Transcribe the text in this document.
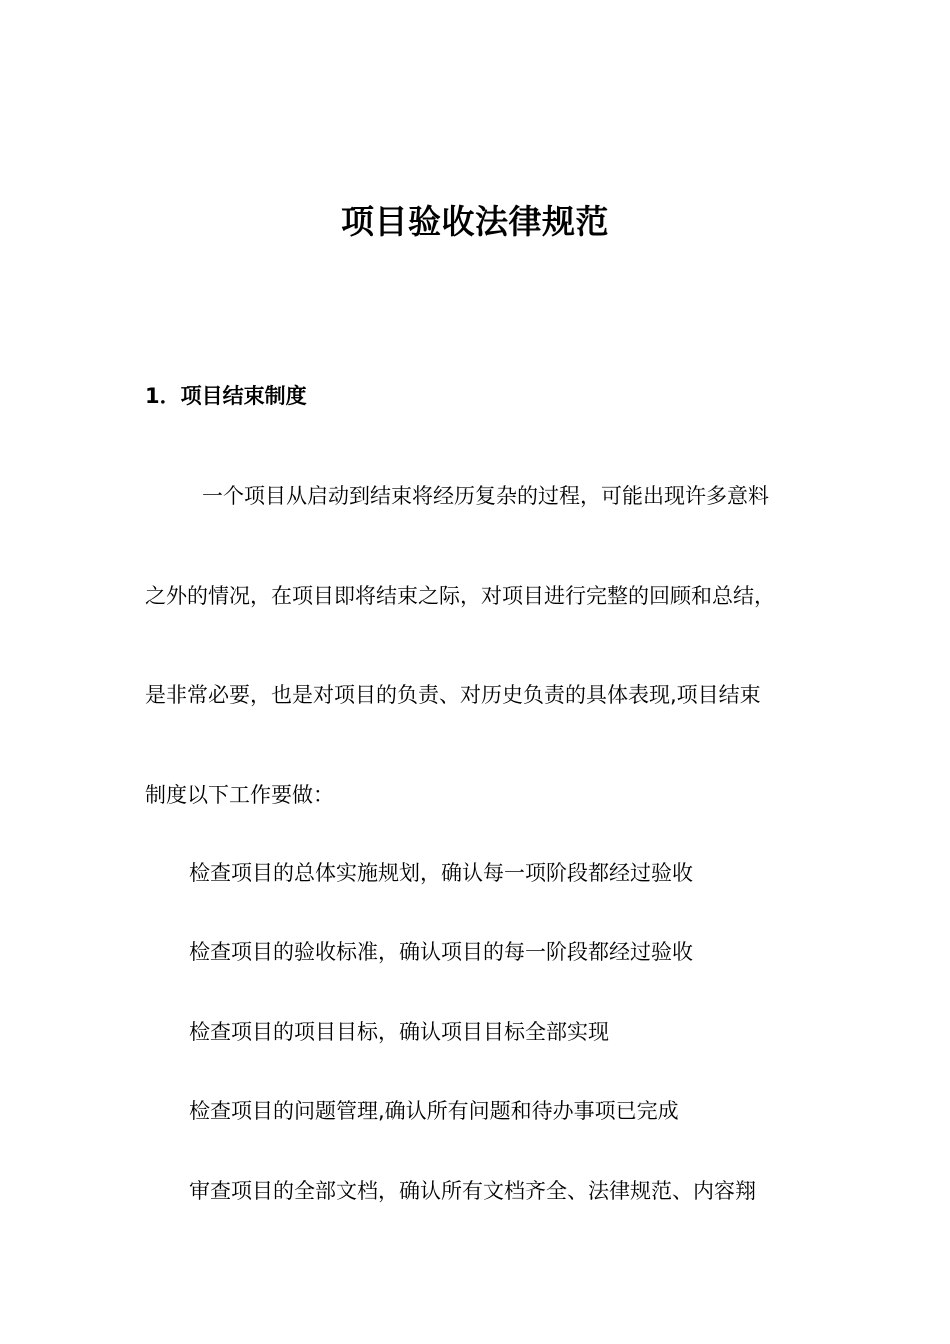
项目验收法律规范
1．项目结束制度
一个项目从启动到结束将经历复杂的过程，可能出现许多意料
之外的情况，在项目即将结束之际，对项目进行完整的回顾和总结，
是非常必要，也是对项目的负责、对历史负责的具体表现,项目结束
制度以下工作要做：
检查项目的总体实施规划，确认每一项阶段都经过验收
检查项目的验收标准，确认项目的每一阶段都经过验收
检查项目的项目目标，确认项目目标全部实现
检查项目的问题管理,确认所有问题和待办事项已完成
审查项目的全部文档，确认所有文档齐全、法律规范、内容翔
